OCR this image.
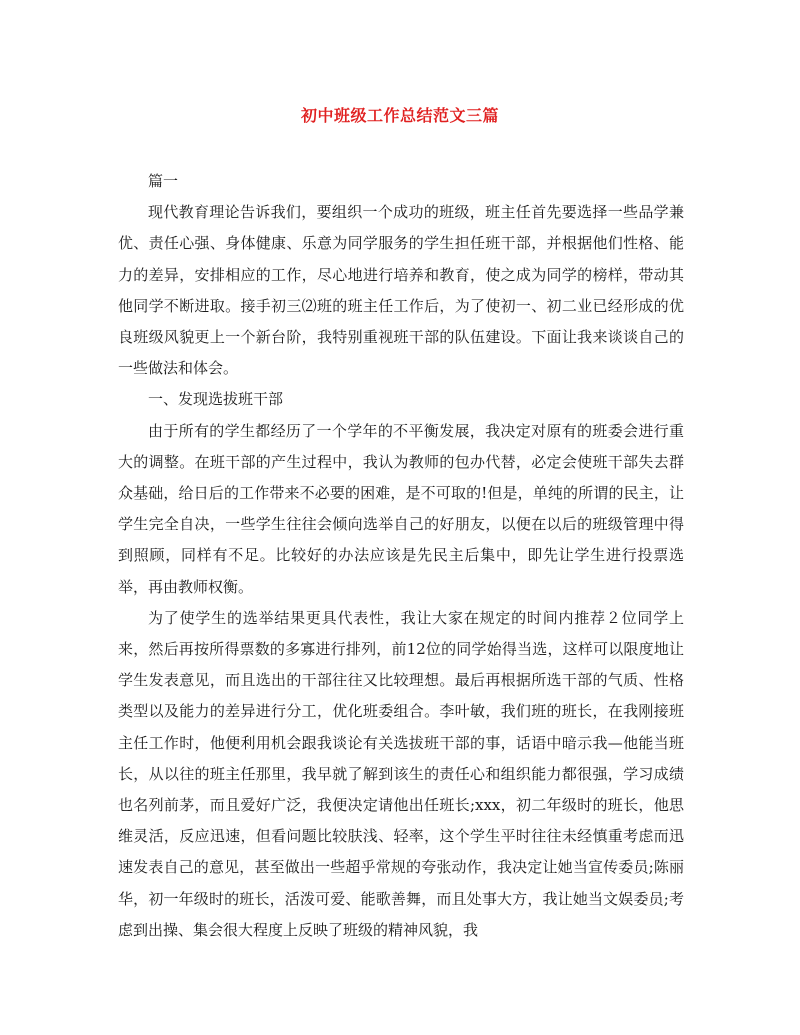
初中班级工作总结范文三篇

篇一

现代教育理论告诉我们，要组织一个成功的班级，班主任首先要选择一些品学兼优、责任心强、身体健康、乐意为同学服务的学生担任班干部，并根据他们性格、能力的差异，安排相应的工作，尽心地进行培养和教育，使之成为同学的榜样，带动其他同学不断进取。接手初三⑵班的班主任工作后，为了使初一、初二业已经形成的优良班级风貌更上一个新台阶，我特别重视班干部的队伍建设。下面让我来谈谈自己的一些做法和体会。

一、发现选拔班干部

由于所有的学生都经历了一个学年的不平衡发展，我决定对原有的班委会进行重大的调整。在班干部的产生过程中，我认为教师的包办代替，必定会使班干部失去群众基础，给日后的工作带来不必要的困难，是不可取的!但是，单纯的所谓的民主，让学生完全自决，一些学生往往会倾向选举自己的好朋友，以便在以后的班级管理中得到照顾，同样有不足。比较好的办法应该是先民主后集中，即先让学生进行投票选举，再由教师权衡。

为了使学生的选举结果更具代表性，我让大家在规定的时间内推荐２位同学上来，然后再按所得票数的多寡进行排列，前12位的同学始得当选，这样可以限度地让学生发表意见，而且选出的干部往往又比较理想。最后再根据所选干部的气质、性格类型以及能力的差异进行分工，优化班委组合。李叶敏，我们班的班长，在我刚接班主任工作时，他便利用机会跟我谈论有关选拔班干部的事，话语中暗示我—他能当班长，从以往的班主任那里，我早就了解到该生的责任心和组织能力都很强，学习成绩也名列前茅，而且爱好广泛，我便决定请他出任班长;xxx，初二年级时的班长，他思维灵活，反应迅速，但看问题比较肤浅、轻率，这个学生平时往往未经慎重考虑而迅速发表自己的意见，甚至做出一些超乎常规的夸张动作，我决定让她当宣传委员;陈丽华，初一年级时的班长，活泼可爱、能歌善舞，而且处事大方，我让她当文娱委员;考虑到出操、集会很大程度上反映了班级的精神风貌，我
